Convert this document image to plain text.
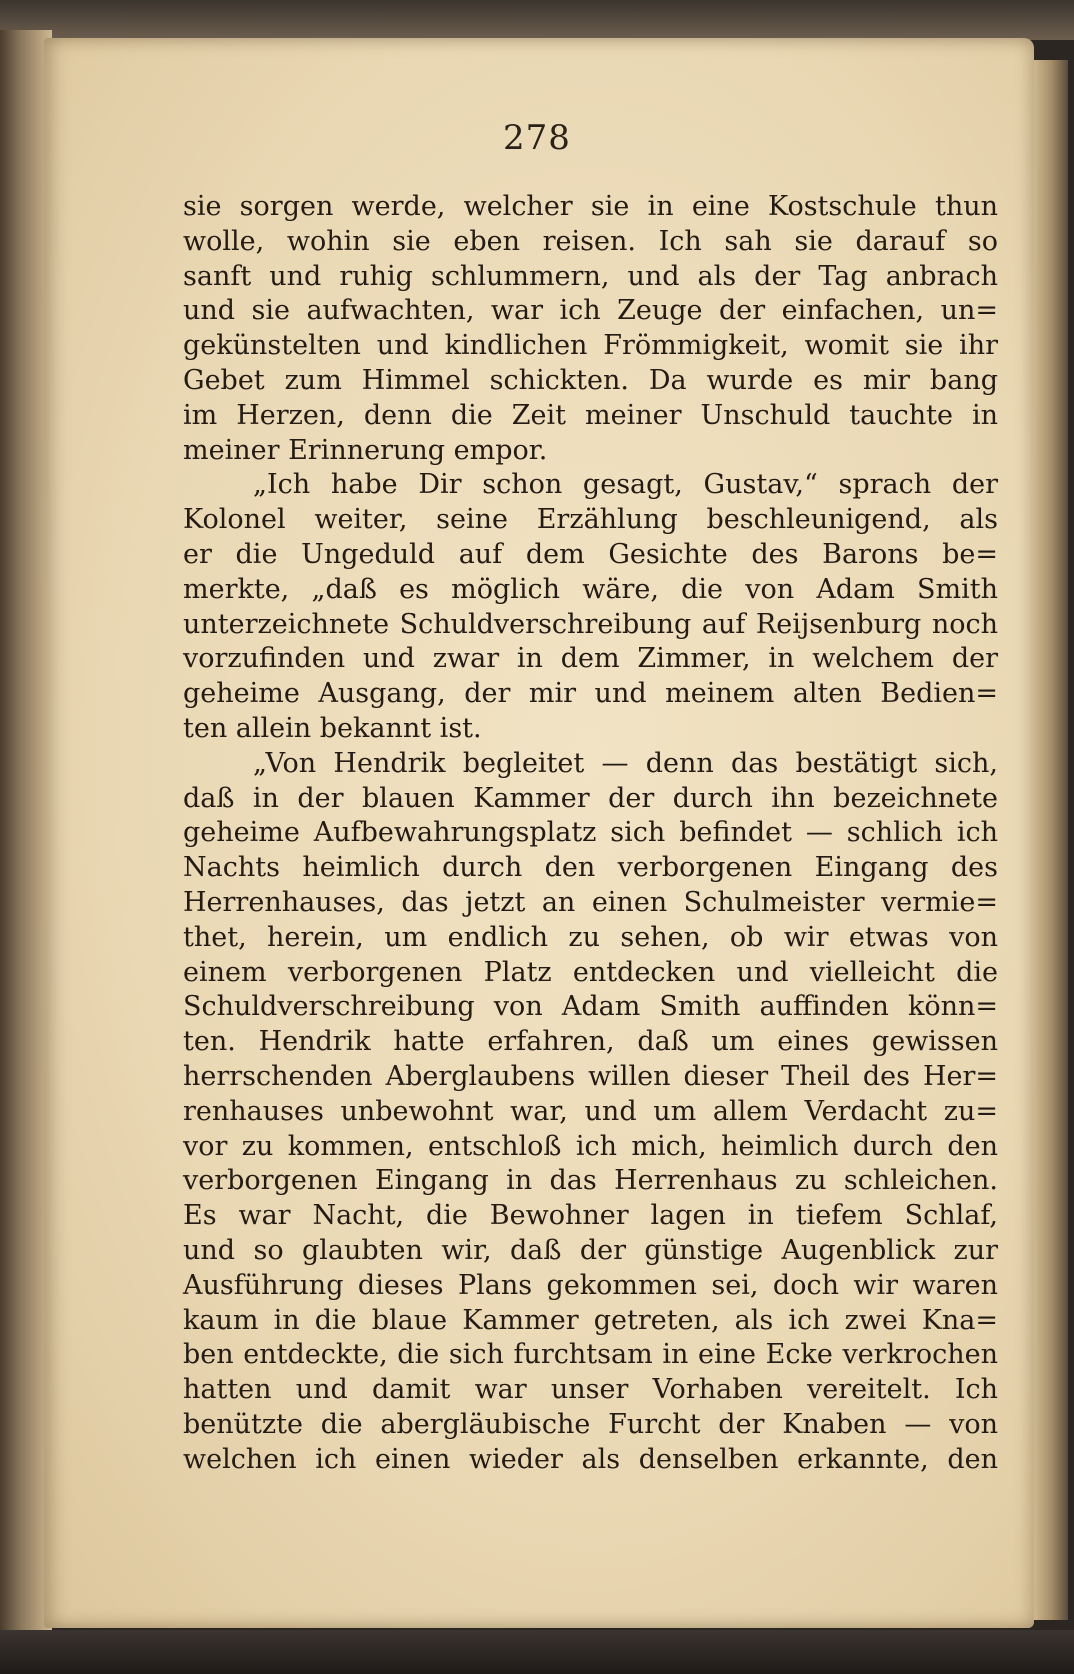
278
sie sorgen werde, welcher sie in eine Kostschule thun
wolle, wohin sie eben reisen. Ich sah sie darauf so
sanft und ruhig schlummern, und als der Tag anbrach
und sie aufwachten, war ich Zeuge der einfachen, un=
gekünstelten und kindlichen Frömmigkeit, womit sie ihr
Gebet zum Himmel schickten. Da wurde es mir bang
im Herzen, denn die Zeit meiner Unschuld tauchte in
meiner Erinnerung empor.
„Ich habe Dir schon gesagt, Gustav,“ sprach der
Kolonel weiter, seine Erzählung beschleunigend, als
er die Ungeduld auf dem Gesichte des Barons be=
merkte, „daß es möglich wäre, die von Adam Smith
unterzeichnete Schuldverschreibung auf Reijsenburg noch
vorzufinden und zwar in dem Zimmer, in welchem der
geheime Ausgang, der mir und meinem alten Bedien=
ten allein bekannt ist.
„Von Hendrik begleitet — denn das bestätigt sich,
daß in der blauen Kammer der durch ihn bezeichnete
geheime Aufbewahrungsplatz sich befindet — schlich ich
Nachts heimlich durch den verborgenen Eingang des
Herrenhauses, das jetzt an einen Schulmeister vermie=
thet, herein, um endlich zu sehen, ob wir etwas von
einem verborgenen Platz entdecken und vielleicht die
Schuldverschreibung von Adam Smith auffinden könn=
ten. Hendrik hatte erfahren, daß um eines gewissen
herrschenden Aberglaubens willen dieser Theil des Her=
renhauses unbewohnt war, und um allem Verdacht zu=
vor zu kommen, entschloß ich mich, heimlich durch den
verborgenen Eingang in das Herrenhaus zu schleichen.
Es war Nacht, die Bewohner lagen in tiefem Schlaf,
und so glaubten wir, daß der günstige Augenblick zur
Ausführung dieses Plans gekommen sei, doch wir waren
kaum in die blaue Kammer getreten, als ich zwei Kna=
ben entdeckte, die sich furchtsam in eine Ecke verkrochen
hatten und damit war unser Vorhaben vereitelt. Ich
benützte die abergläubische Furcht der Knaben — von
welchen ich einen wieder als denselben erkannte, den
